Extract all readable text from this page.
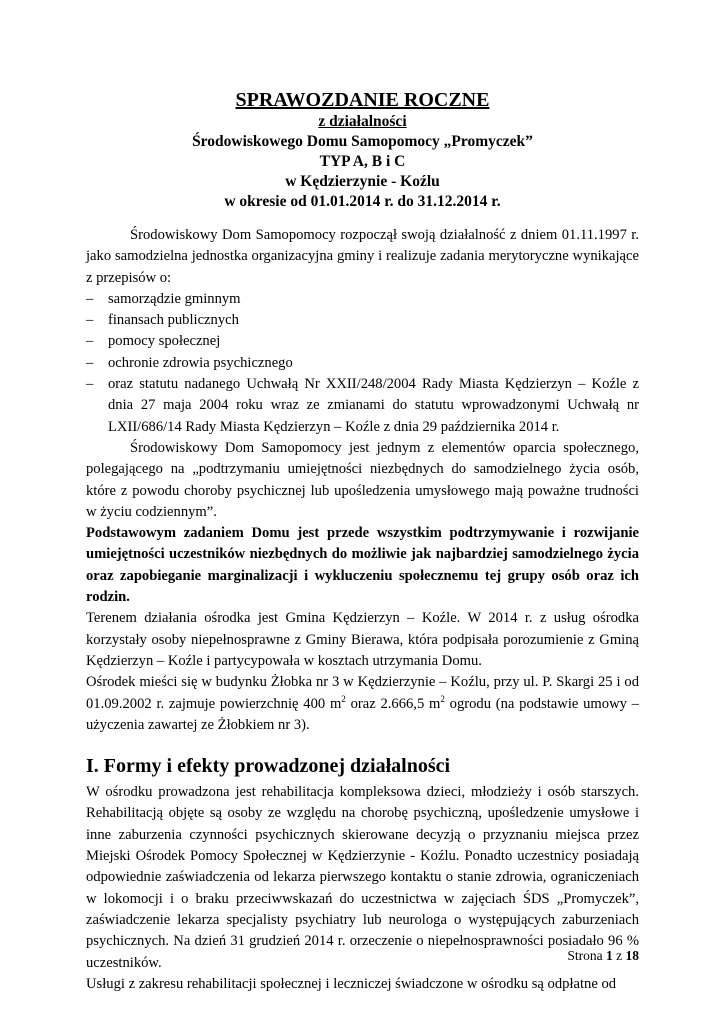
SPRAWOZDANIE ROCZNE

z działalności

Środowiskowego Domu Samopomocy „Promyczek”

TYP A, B i C

w Kędzierzynie - Koźlu

w okresie od 01.01.2014 r. do 31.12.2014 r.

Środowiskowy Dom Samopomocy rozpoczął swoją działalność z dniem 01.11.1997 r. jako samodzielna jednostka organizacyjna gminy i realizuje zadania merytoryczne wynikające z przepisów o:

– samorządzie gminnym
– finansach publicznych
– pomocy społecznej
– ochronie zdrowia psychicznego
– oraz statutu nadanego Uchwałą Nr XXII/248/2004 Rady Miasta Kędzierzyn – Koźle z dnia 27 maja 2004 roku wraz ze zmianami do statutu wprowadzonymi Uchwałą nr LXII/686/14 Rady Miasta Kędzierzyn – Koźle z dnia 29 października 2014 r.

Środowiskowy Dom Samopomocy jest jednym z elementów oparcia społecznego, polegającego na „podtrzymaniu umiejętności niezbędnych do samodzielnego życia osób, które z powodu choroby psychicznej lub upośledzenia umysłowego mają poważne trudności w życiu codziennym”.

Podstawowym zadaniem Domu jest przede wszystkim podtrzymywanie i rozwijanie umiejętności uczestników niezbędnych do możliwie jak najbardziej samodzielnego życia oraz zapobieganie marginalizacji i wykluczeniu społecznemu tej grupy osób oraz ich rodzin.

Terenem działania ośrodka jest Gmina Kędzierzyn – Koźle. W 2014 r. z usług ośrodka korzystały osoby niepełnosprawne z Gminy Bierawa, która podpisała porozumienie z Gminą Kędzierzyn – Koźle i partycypowała w kosztach utrzymania Domu.

Ośrodek mieści się w budynku Żłobka nr 3 w Kędzierzynie – Koźlu, przy ul. P. Skargi 25 i od 01.09.2002 r. zajmuje powierzchnię 400 $m^2$ oraz 2.666,5 $m^2$ ogrodu (na podstawie umowy – użyczenia zawartej ze Żłobkiem nr 3).

I. Formy i efekty prowadzonej działalności

W ośrodku prowadzona jest rehabilitacja kompleksowa dzieci, młodzieży i osób starszych. Rehabilitacją objęte są osoby ze względu na chorobę psychiczną, upośledzenie umysłowe i inne zaburzenia czynności psychicznych skierowane decyzją o przyznaniu miejsca przez Miejski Ośrodek Pomocy Społecznej w Kędzierzynie - Koźlu. Ponadto uczestnicy posiadają odpowiednie zaświadczenia od lekarza pierwszego kontaktu o stanie zdrowia, ograniczeniach w lokomocji i o braku przeciwwskazań do uczestnictwa w zajęciach ŚDS „Promyczek”, zaświadczenie lekarza specjalisty psychiatry lub neurologa o występujących zaburzeniach psychicznych. Na dzień 31 grudzień 2014 r. orzeczenie o niepełnosprawności posiadało 96 % uczestników.

Usługi z zakresu rehabilitacji społecznej i leczniczej świadczone w ośrodku są odpłatne od

Strona 1 z 18
